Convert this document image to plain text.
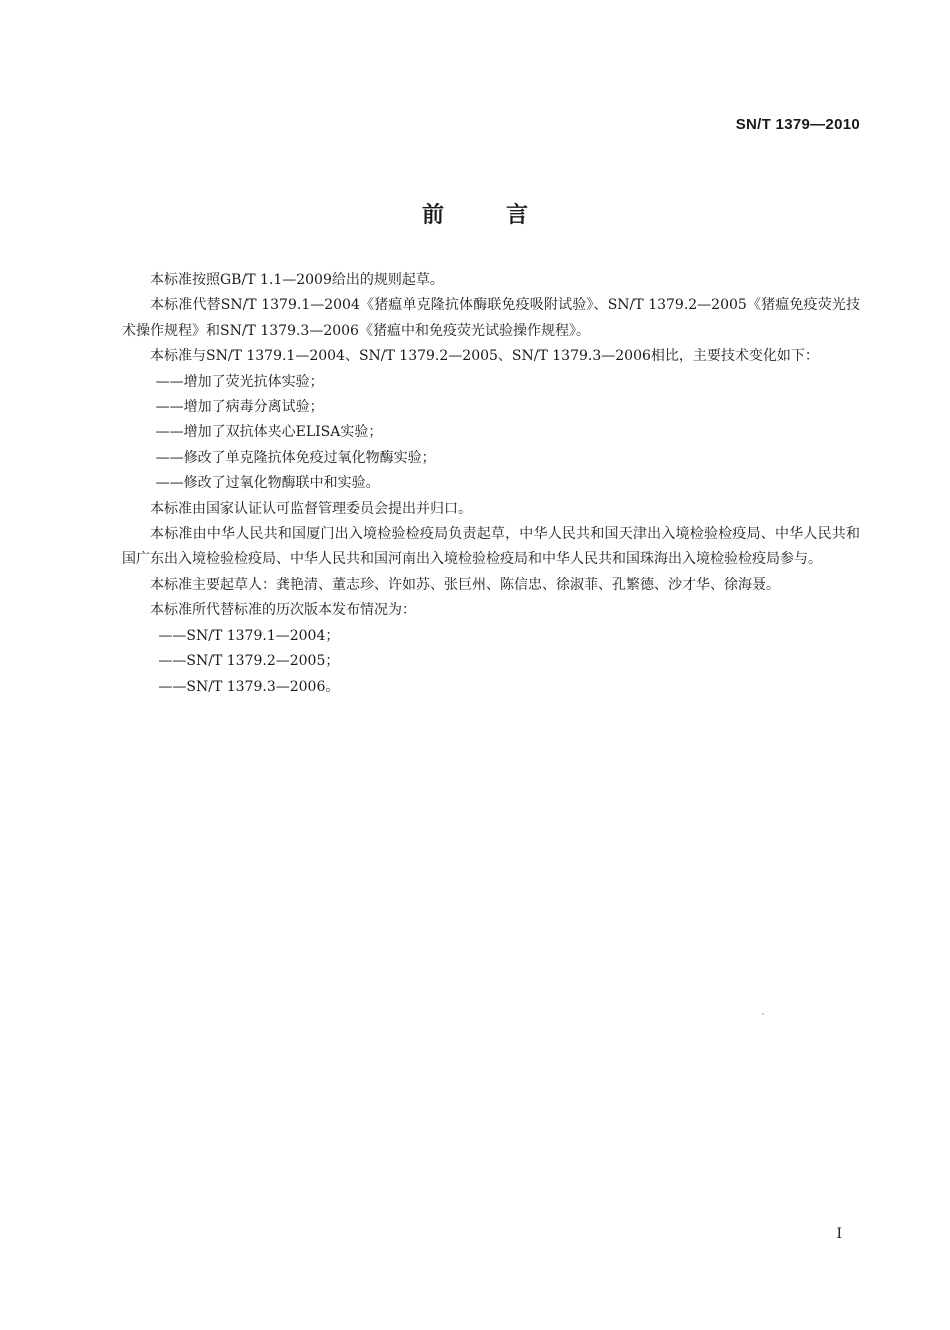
SN/T 1379—2010
前言

本标准按照GB/T 1.1—2009给出的规则起草。

本标准代替SN/T 1379.1—2004《猪瘟单克隆抗体酶联免疫吸附试验》、SN/T 1379.2—2005《猪瘟免疫荧光技术操作规程》和SN/T 1379.3—2006《猪瘟中和免疫荧光试验操作规程》。

本标准与SN/T 1379.1—2004、SN/T 1379.2—2005、SN/T 1379.3—2006相比，主要技术变化如下：

——增加了荧光抗体实验；

——增加了病毒分离试验；

——增加了双抗体夹心ELISA实验；

——修改了单克隆抗体免疫过氧化物酶实验；

——修改了过氧化物酶联中和实验。

本标准由国家认证认可监督管理委员会提出并归口。

本标准由中华人民共和国厦门出入境检验检疫局负责起草，中华人民共和国天津出入境检验检疫局、中华人民共和国广东出入境检验检疫局、中华人民共和国河南出入境检验检疫局和中华人民共和国珠海出入境检验检疫局参与。

本标准主要起草人：龚艳清、董志珍、许如苏、张巨州、陈信忠、徐淑菲、孔繁德、沙才华、徐海聂。

本标准所代替标准的历次版本发布情况为：

——SN/T 1379.1—2004；

——SN/T 1379.2—2005；

——SN/T 1379.3—2006。

I
